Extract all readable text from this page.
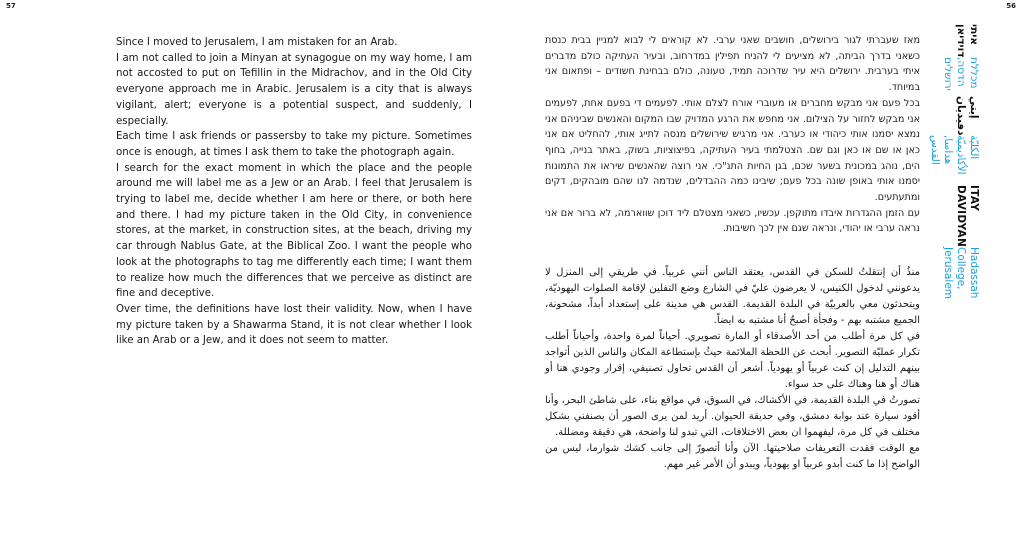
57	56

Since I moved to Jerusalem, I am mistaken for an Arab.

I am not called to join a Minyan at synagogue on my way home, I am not accosted to put on Tefillin in the Midrachov, and in the Old City everyone approach me in Arabic. Jerusalem is a city that is always vigilant, alert; everyone is a potential suspect, and suddenly, I especially.

Each time I ask friends or passersby to take my picture. Sometimes once is enough, at times I ask them to take the photograph again.

I search for the exact moment in which the place and the people around me will label me as a Jew or an Arab. I feel that Jerusalem is trying to label me, decide whether I am here or there, or both here and there. I had my picture taken in the Old City, in convenience stores, at the market, in construction sites, at the beach, driving my car through Nablus Gate, at the Biblical Zoo. I want the people who look at the photographs to tag me differently each time; I want them to realize how much the differences that we perceive as distinct are fine and deceptive.

Over time, the definitions have lost their validity. Now, when I have my picture taken by a Shawarma Stand, it is not clear whether I look like an Arab or a Jew, and it does not seem to matter.

מאז שעברתי לגור בירושלים, חושבים שאני ערבי. לא קוראים לי לבוא למניין בבית כנסת כשאני בדרך הביתה, לא מציעים לי להניח תפילין במדרחוב, ובעיר העתיקה כולם מדברים איתי בערבית. ירושלים היא עיר שדרוכה תמיד, טעונה, כולם בבחינת חשודים – ופתאום אני במיוחד.

בכל פעם אני מבקש מחברים או מעוברי אורח לצלם אותי. לפעמים די בפעם אחת, לפעמים אני מבקש לחזור על הצילום. אני מחפש את הרגע המדויק שבו המקום והאנשים שביניהם אני נמצא יסמנו אותי כיהודי או כערבי. אני מרגיש שירושלים מנסה לתייג אותי, להחליט אם אני כאן או שם או כאן וגם שם. הצטלמתי בעיר העתיקה, בפיצוציות, בשוק, באתר בנייה, בחוף הים, נוהג במכונית בשער שכם, בגן החיות התנ"כי. אני רוצה שהאנשים שיראו את התמונות יסמנו אותי באופן שונה בכל פעם; שיבינו כמה ההבדלים, שנדמה לנו שהם מובהקים, דקים ומתעתעים.

עם הזמן ההגדרות איבדו מתוקפן. עכשיו, כשאני מצטלם ליד דוכן שווארמה, לא ברור אם אני נראה ערבי או יהודי, ונראה שגם אין לכך חשיבות.

منذُ أن إنتقلتُ للسكن في القدس، يعتقد الناس أنني عربياً. في طريقي إلى المنزل لا يدعونني لدخول الكنيس، لا يعرضون عليّ في الشارع وضع التفلين لإقامة الصلوات اليهوديّة، ويتحدثون معي بالعربيّة في البلدة القديمة. القدس هي مدينة على إستعداد أبداً، مشحونة، الجميع مشتبه بهم - وفجأة أصبحُ أنا مشتبه به ايضاً.

في كل مرة أطلب من أحد الأصدقاء أو المارة تصويري. أحياناً لمرة واحدة، وأحياناً أطلب تكرار عمليّة التصوير. أبحث عن اللحظة الملائمة حيثُ بإستطاعة المكان والناس الذين أتواجد بينهم التدليل إن كنت عربياً أو يهودياً. أشعر أن القدس تحاول تصنيفي، إقرار وجودي هنا أو هناك أو هنا وهناك على حد سواء.

تصورتُ في البلدة القديمة، في الأكشاك، في السوق، في مواقع بناء، على شاطئ البحر، وأنا أقود سيارة عند بوابة دمشق، وفي حديقة الحيوان. أريد لمن يرى الصور أن يصنفني بشكل مختلف في كل مرة، ليفهموا ان بعض الاختلافات، التي تبدو لنا واضحة، هي دقيقة ومضللة.

مع الوقت فقدت التعريفات صلاحيتها. الآن وأنا أتصورّ إلى جانب كشك شوارما، ليس من الواضح إذا ما كنت أبدو عربياً او يهودياً، ويبدو أن الأمر غير مهم.

איתי דוידיאן
מכללת הדסה, ירושלים
إيتي دفيديان
الكليّة الأكاديميّة هداسا, القدس
ITAY DAVIDYAN
Hadassah College, Jerusalem
